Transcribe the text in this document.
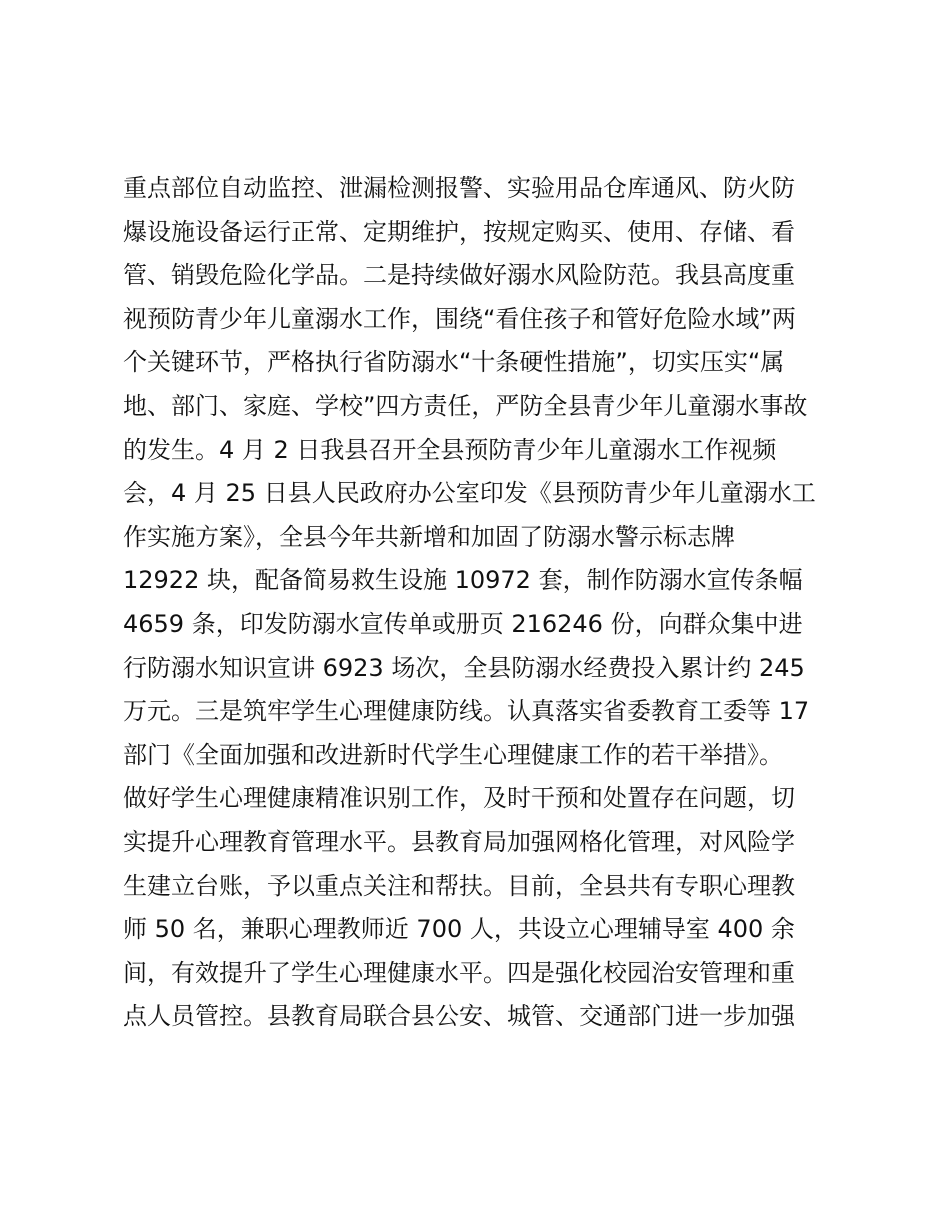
重点部位自动监控、泄漏检测报警、实验用品仓库通风、防火防
爆设施设备运行正常、定期维护，按规定购买、使用、存储、看
管、销毁危险化学品。二是持续做好溺水风险防范。我县高度重
视预防青少年儿童溺水工作，围绕“看住孩子和管好危险水域”两
个关键环节，严格执行省防溺水“十条硬性措施”，切实压实“属
地、部门、家庭、学校”四方责任，严防全县青少年儿童溺水事故
的发生。4 月 2 日我县召开全县预防青少年儿童溺水工作视频
会，4 月 25 日县人民政府办公室印发《县预防青少年儿童溺水工
作实施方案》，全县今年共新增和加固了防溺水警示标志牌
12922 块，配备简易救生设施 10972 套，制作防溺水宣传条幅
4659 条，印发防溺水宣传单或册页 216246 份，向群众集中进
行防溺水知识宣讲 6923 场次，全县防溺水经费投入累计约 245
万元。三是筑牢学生心理健康防线。认真落实省委教育工委等 17
部门《全面加强和改进新时代学生心理健康工作的若干举措》。
做好学生心理健康精准识别工作，及时干预和处置存在问题，切
实提升心理教育管理水平。县教育局加强网格化管理，对风险学
生建立台账，予以重点关注和帮扶。目前，全县共有专职心理教
师 50 名，兼职心理教师近 700 人，共设立心理辅导室 400 余
间，有效提升了学生心理健康水平。四是强化校园治安管理和重
点人员管控。县教育局联合县公安、城管、交通部门进一步加强
